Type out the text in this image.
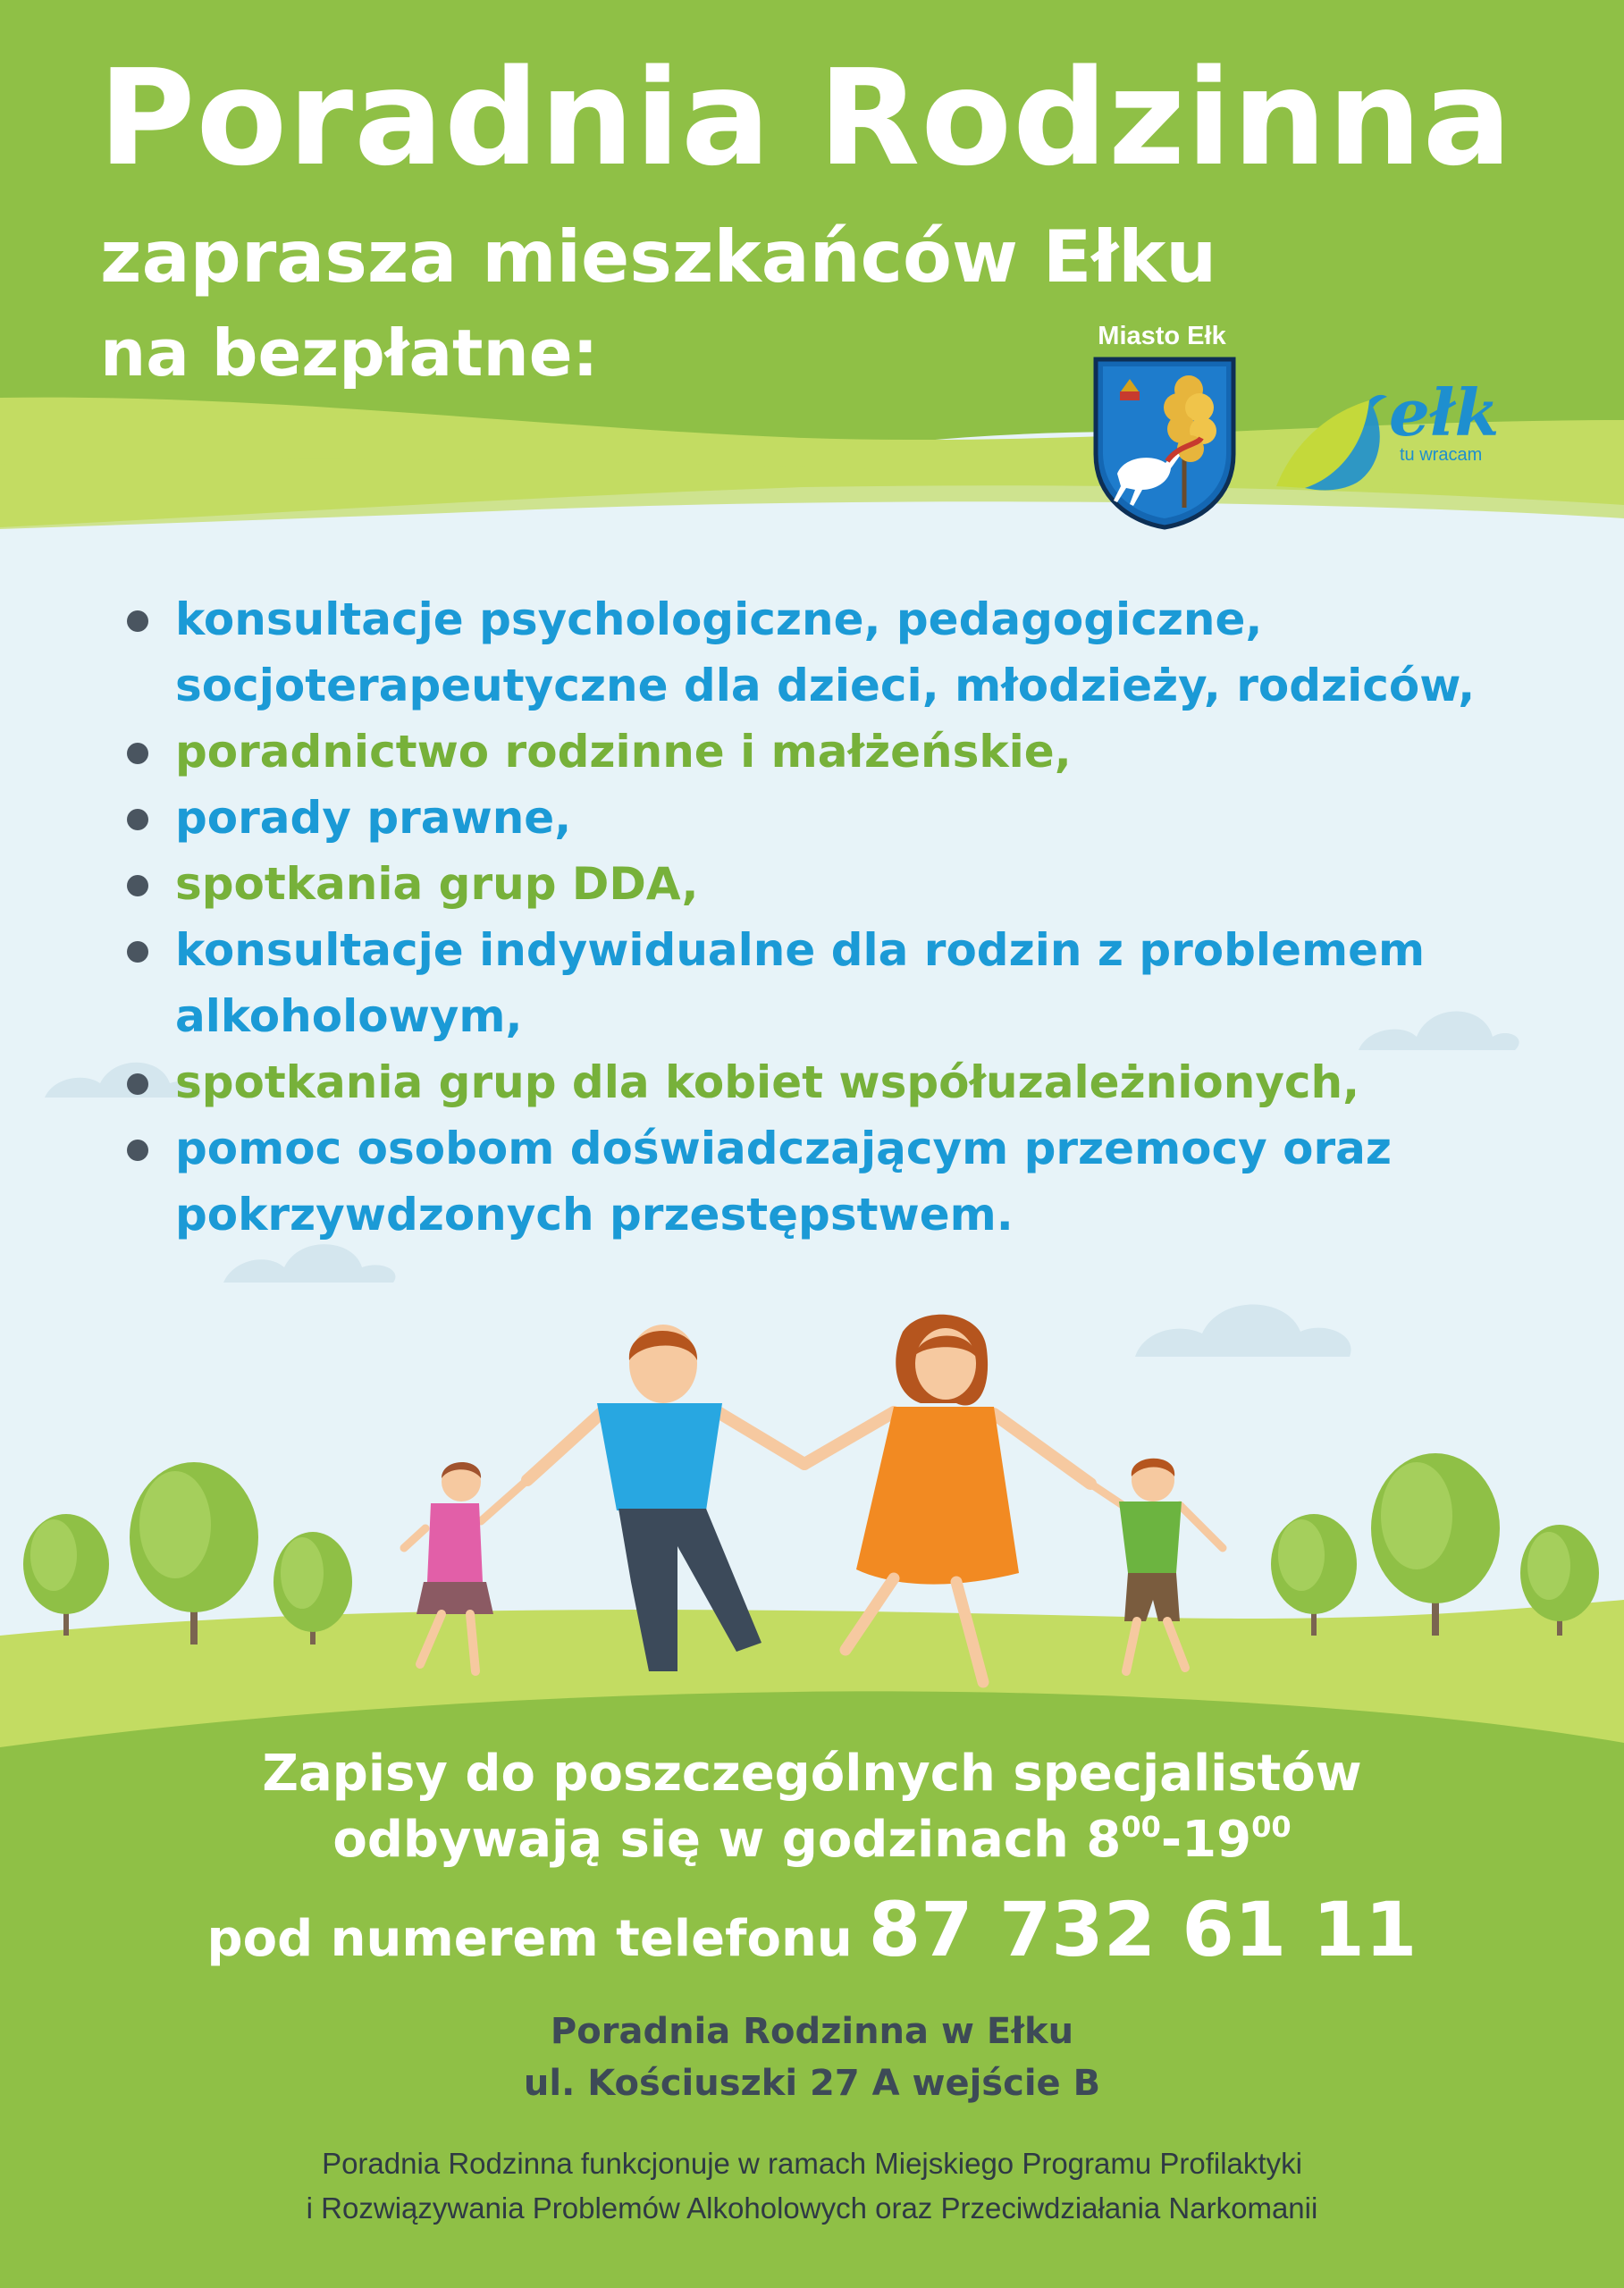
Poradnia Rodzinna

zaprasza mieszkańców Ełku

na bezpłatne:	Miasto Ełk
ełk
tu wracam
konsultacje psychologiczne, pedagogiczne, socjoterapeutyczne dla dzieci, młodzieży, rodziców,
poradnictwo rodzinne i małżeńskie,
porady prawne,
spotkania grup DDA,
konsultacje indywidualne dla rodzin z problemem alkoholowym,
spotkania grup dla kobiet współuzależnionych,
pomoc osobom doświadczającym przemocy oraz pokrzywdzonych przestępstwem.

Zapisy do poszczególnych specjalistów

odbywają się w godzinach $8^{00}-19^{00}$

pod numerem telefonu 87 732 61 11

Poradnia Rodzinna w Ełku

ul. Kościuszki 27 A wejście B

Poradnia Rodzinna funkcjonuje w ramach Miejskiego Programu Profilaktyki

i Rozwiązywania Problemów Alkoholowych oraz Przeciwdziałania Narkomanii
